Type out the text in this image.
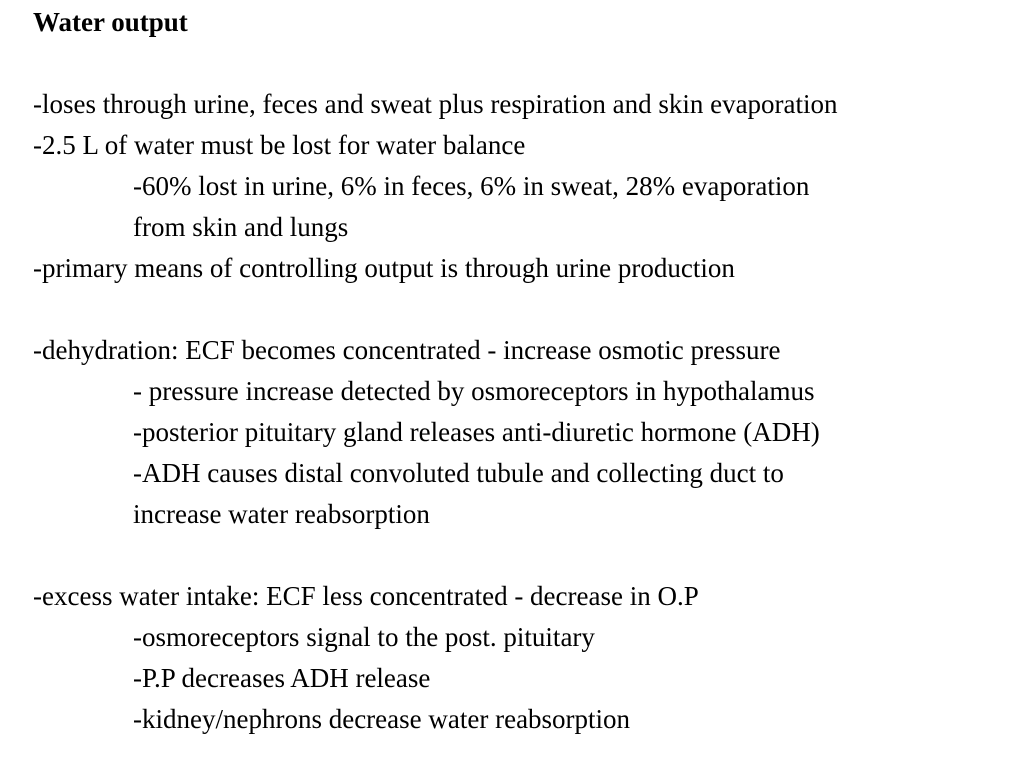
Water output
-loses through urine, feces and sweat plus respiration and skin evaporation
-2.5 L of water must be lost for water balance
-60% lost in urine, 6% in feces, 6% in sweat, 28% evaporation
from skin and lungs
-primary means of controlling output is through urine production
-dehydration: ECF becomes concentrated - increase osmotic pressure
- pressure increase detected by osmoreceptors in hypothalamus
-posterior pituitary gland releases anti-diuretic hormone (ADH)
-ADH causes distal convoluted tubule and collecting duct to
increase water reabsorption
-excess water intake: ECF less concentrated - decrease in O.P
-osmoreceptors signal to the post. pituitary
-P.P decreases ADH release
-kidney/nephrons decrease water reabsorption
